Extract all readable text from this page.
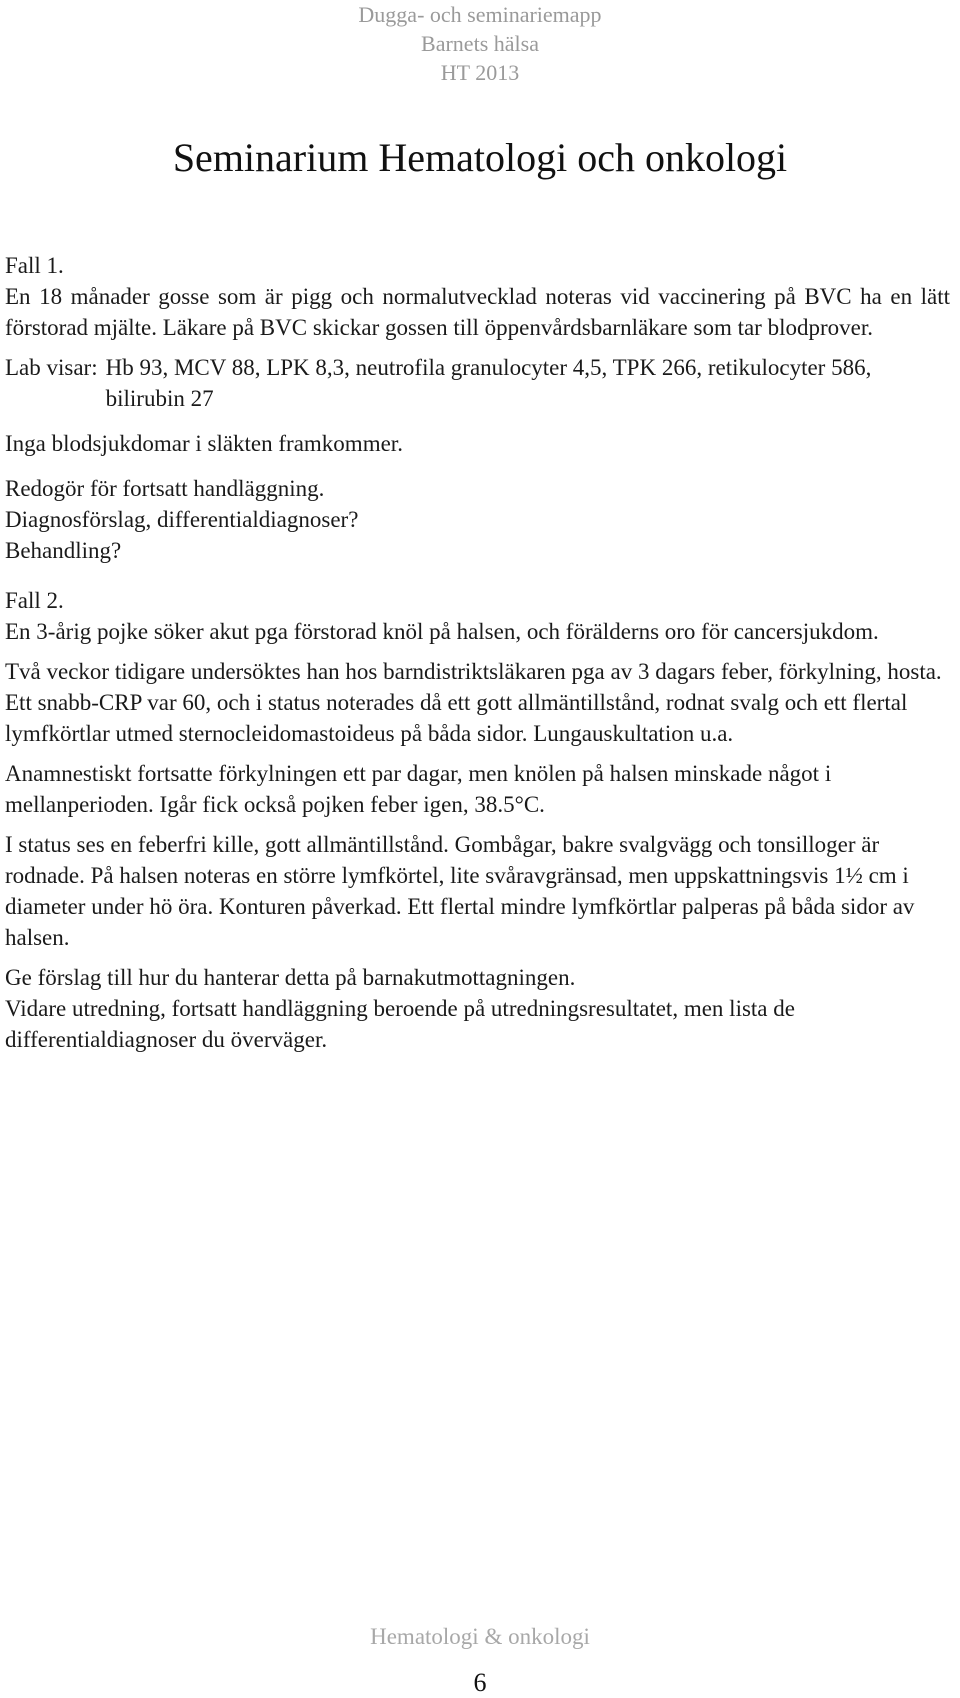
Dugga- och seminariemapp
Barnets hälsa
HT 2013
Seminarium Hematologi och onkologi
Fall 1.

En 18 månader gosse som är pigg och normalutvecklad noteras vid vaccinering på BVC ha en lätt förstorad mjälte. Läkare på BVC skickar gossen till öppenvårdsbarnläkare som tar blodprover.

Lab visar: Hb 93, MCV 88, LPK 8,3, neutrofila granulocyter 4,5, TPK 266, retikulocyter 586, bilirubin 27

Inga blodsjukdomar i släkten framkommer.

Redogör för fortsatt handläggning.

Diagnosförslag, differentialdiagnoser?

Behandling?

Fall 2.

En 3-årig pojke söker akut pga förstorad knöl på halsen, och förälderns oro för cancersjukdom.

Två veckor tidigare undersöktes han hos barndistriktsläkaren pga av 3 dagars feber, förkylning, hosta. Ett snabb-CRP var 60, och i status noterades då ett gott allmäntillstånd, rodnat svalg och ett flertal lymfkörtlar utmed sternocleidomastoideus på båda sidor. Lungauskultation u.a.

Anamnestiskt fortsatte förkylningen ett par dagar, men knölen på halsen minskade något i mellanperioden. Igår fick också pojken feber igen, 38.5°C.

I status ses en feberfri kille, gott allmäntillstånd. Gombågar, bakre svalgvägg och tonsilloger är rodnade. På halsen noteras en större lymfkörtel, lite svåravgränsad, men uppskattningsvis 1½ cm i diameter under hö öra. Konturen påverkad. Ett flertal mindre lymfkörtlar palperas på båda sidor av halsen.

Ge förslag till hur du hanterar detta på barnakutmottagningen.

Vidare utredning, fortsatt handläggning beroende på utredningsresultatet, men lista de differentialdiagnoser du överväger.

Hematologi & onkologi
6
